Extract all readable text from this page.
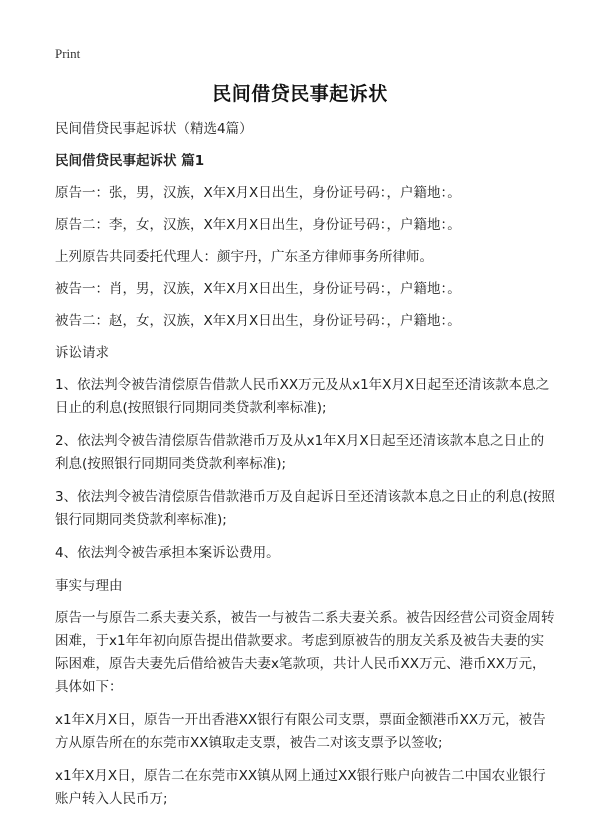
Print
民间借贷民事起诉状

民间借贷民事起诉状（精选4篇）

民间借贷民事起诉状 篇1

原告一：张，男，汉族，X年X月X日出生，身份证号码：，户籍地：。

原告二：李，女，汉族，X年X月X日出生，身份证号码：，户籍地：。

上列原告共同委托代理人：颜宇丹，广东圣方律师事务所律师。

被告一：肖，男，汉族，X年X月X日出生，身份证号码：，户籍地：。

被告二：赵，女，汉族，X年X月X日出生，身份证号码：，户籍地：。

诉讼请求

1、依法判令被告清偿原告借款人民币XX万元及从x1年X月X日起至还清该款本息之日止的利息(按照银行同期同类贷款利率标准);

2、依法判令被告清偿原告借款港币万及从x1年X月X日起至还清该款本息之日止的利息(按照银行同期同类贷款利率标准);

3、依法判令被告清偿原告借款港币万及自起诉日至还清该款本息之日止的利息(按照银行同期同类贷款利率标准);

4、依法判令被告承担本案诉讼费用。

事实与理由

原告一与原告二系夫妻关系，被告一与被告二系夫妻关系。被告因经营公司资金周转困难，于x1年年初向原告提出借款要求。考虑到原被告的朋友关系及被告夫妻的实际困难，原告夫妻先后借给被告夫妻x笔款项，共计人民币XX万元、港币XX万元，具体如下：

x1年X月X日，原告一开出香港XX银行有限公司支票，票面金额港币XX万元，被告方从原告所在的东莞市XX镇取走支票，被告二对该支票予以签收;

x1年X月X日，原告二在东莞市XX镇从网上通过XX银行账户向被告二中国农业银行账户转入人民币万;
